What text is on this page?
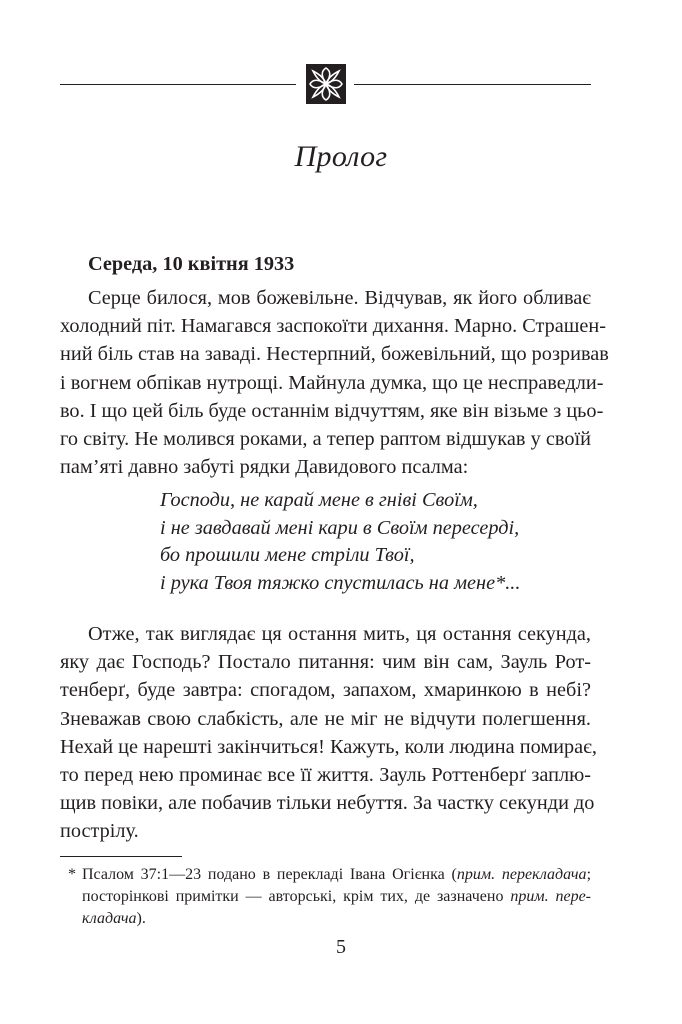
Пролог
Середа, 10 квітня 1933
Серце билося, мов божевільне. Відчував, як його обливає
холодний піт. Намагався заспокоїти дихання. Марно. Страшен-
ний біль став на заваді. Нестерпний, божевільний, що розривав
і вогнем обпікав нутрощі. Майнула думка, що це несправедли-
во. І що цей біль буде останнім відчуттям, яке він візьме з цьо-
го світу. Не молився роками, а тепер раптом відшукав у своїй
пам’яті давно забуті рядки Давидового псалма:
Господи, не карай мене в гніві Своїм,
і не завдавай мені кари в Своїм пересерді,
бо прошили мене стріли Твої,
і рука Твоя тяжко спустилась на мене*...
Отже, так виглядає ця остання мить, ця остання секунда,
яку дає Господь? Постало питання: чим він сам, Зауль Рот-
тенберґ, буде завтра: спогадом, запахом, хмаринкою в небі?
Зневажав свою слабкість, але не міг не відчути полегшення.
Нехай це нарешті закінчиться! Кажуть, коли людина помирає,
то перед нею проминає все її життя. Зауль Роттенберґ заплю-
щив повіки, але побачив тільки небуття. За частку секунди до
пострілу.
* Псалом 37:1—23 подано в перекладі Івана Огієнка (прим. перекладача;
посторінкові примітки — авторські, крім тих, де зазначено прим. пере-
кладача).
5
